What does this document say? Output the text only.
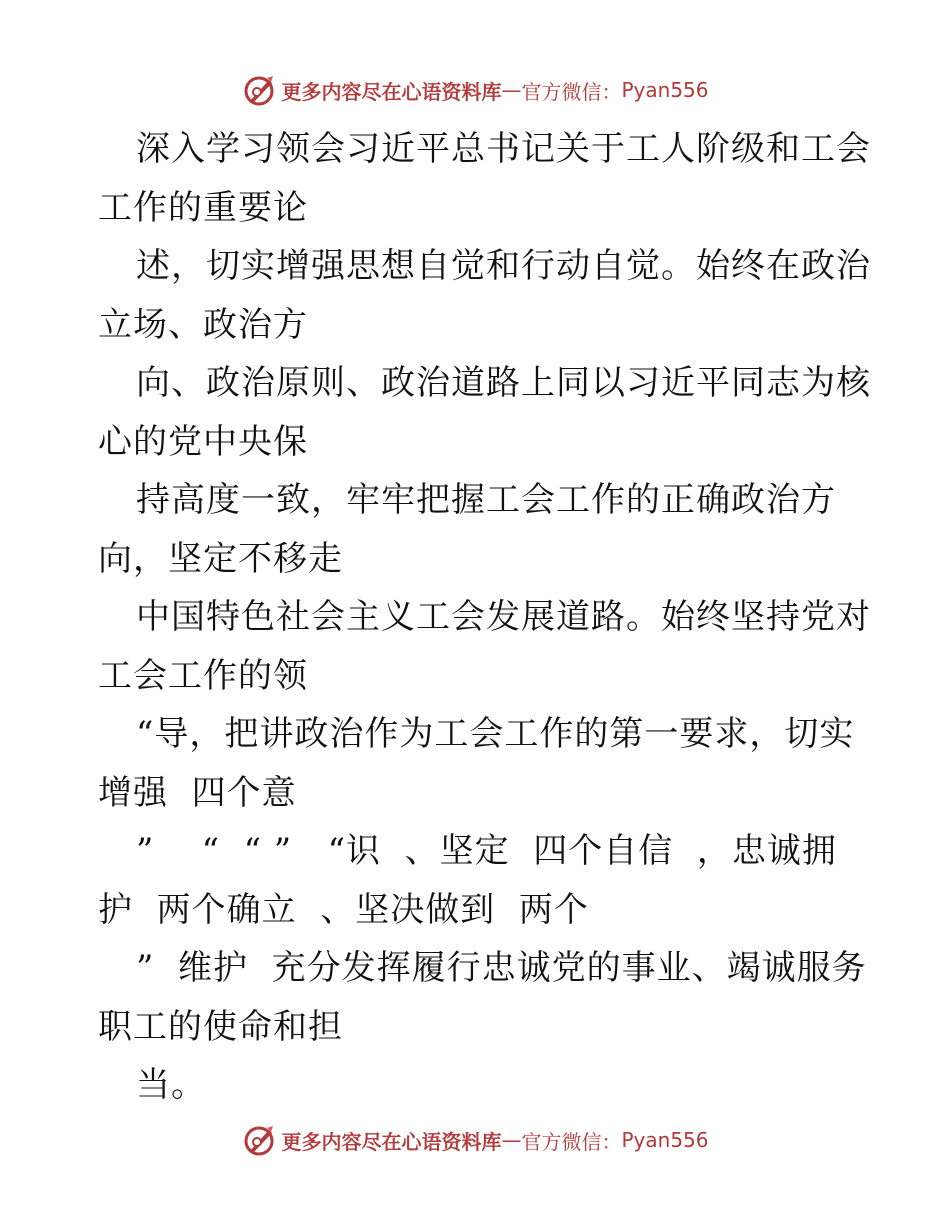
更多内容尽在心语资料库 — 官方微信： Pyan556
深入学习领会习近平总书记关于工人阶级和工会
工作的重要论
述，切实增强思想自觉和行动自觉。始终在政治
立场、政治方
向、政治原则、政治道路上同以习近平同志为核
心的党中央保
持高度一致，牢牢把握工会工作的正确政治方
向，坚定不移走
中国特色社会主义工会发展道路。始终坚持党对
工会工作的领
“导，把讲政治作为工会工作的第一要求，切实
增强  四个意
”    “  “ ”   “识  、坚定  四个自信  ，忠诚拥
护  两个确立  、坚决做到  两个
”  维护  充分发挥履行忠诚党的事业、竭诚服务
职工的使命和担
当。
更多内容尽在心语资料库 — 官方微信： Pyan556
